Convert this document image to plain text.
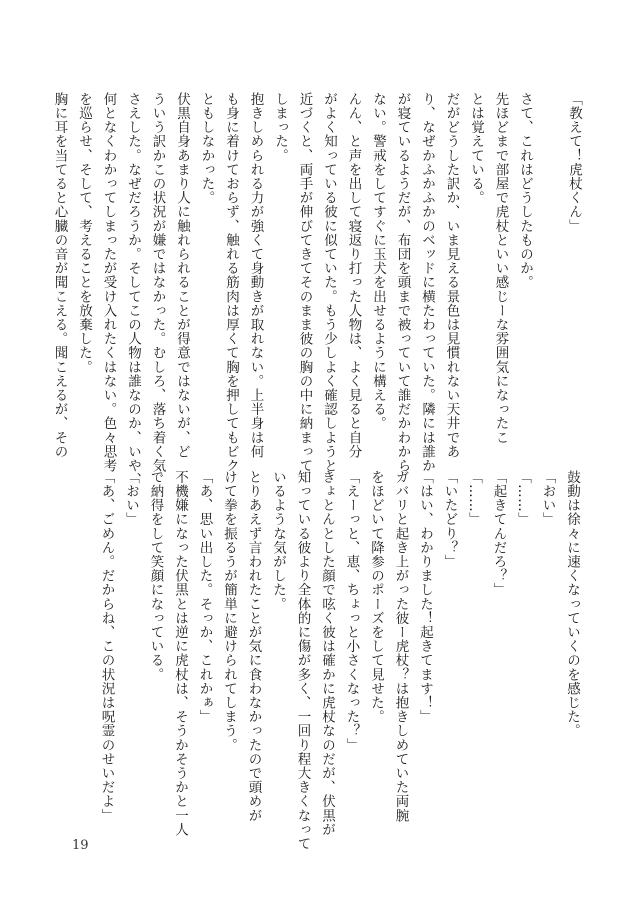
「教えて！虎杖くん」
さて、これはどうしたものか。
先ほどまで部屋で虎杖といい感じーな雰囲気になったこ
とは覚えている。
だがどうした訳か、いま見える景色は見慣れない天井であ
り、なぜかふかふかのベッドに横たわっていた。隣には誰か
が寝ているようだが、布団を頭まで被っていて誰だかわから
ない。警戒をしてすぐに玉犬を出せるように構える。
んん、と声を出して寝返り打った人物は、よく見ると自分
がよく知っている彼に似ていた。もう少しよく確認しようと
近づくと、両手が伸びてきてそのまま彼の胸の中に納まって
しまった。
抱きしめられる力が強くて身動きが取れない。上半身は何
も身に着けておらず、触れる筋肉は厚くて胸を押してもビク
ともしなかった。
伏黒自身あまり人に触れられることが得意ではないが、ど
ういう訳かこの状況が嫌ではなかった。むしろ、落ち着く気
さえした。なぜだろうか。そしてこの人物は誰なのか、いや、
何となくわかってしまったが受け入れたくはない。色々思考
を巡らせ、そして、考えることを放棄した。
胸に耳を当てると心臓の音が聞こえる。聞こえるが、その
鼓動は徐々に速くなっていくのを感じた。
「おい」
「……」
「起きてんだろ？」
「……」
「いたどり？」
「はい、わかりました！起きてます！」
ガバリと起き上がった彼ー虎杖？は抱きしめていた両腕
をほどいて降参のポーズをして見せた。
「えーっと、恵、ちょっと小さくなった？」
きょとんとした顔で呟く彼は確かに虎杖なのだが、伏黒が
知っている彼より全体的に傷が多く、一回り程大きくなって
いるような気がした。
とりあえず言われたことが気に食わなかったので頭めが
けて拳を振るうが簡単に避けられてしまう。
「あ、思い出した。そっか、これかぁ」
不機嫌になった伏黒とは逆に虎杖は、そうかそうかと一人
で納得をして笑顔になっている。
「おい」
「あ、ごめん。だからね、この状況は呪霊のせいだよ」
19
